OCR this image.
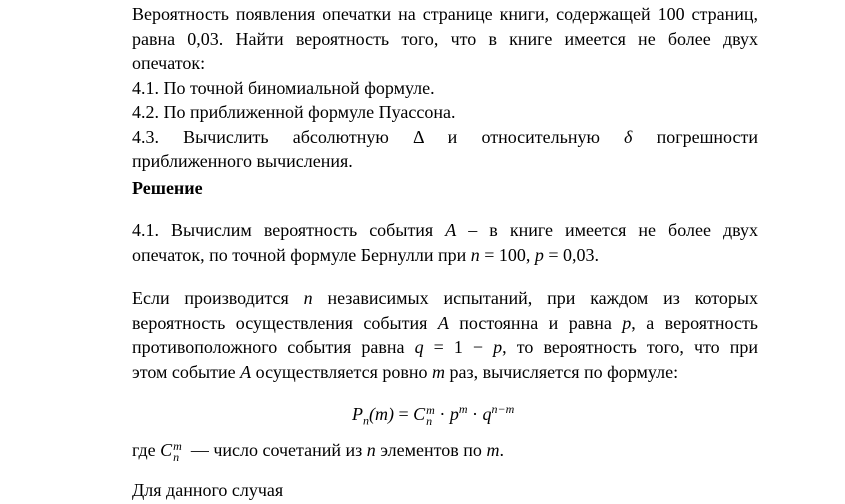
Вероятность появления опечатки на странице книги, содержащей 100 страниц,
равна 0,03. Найти вероятность того, что в книге имеется не более двух
опечаток:
4.1. По точной биномиальной формуле.
4.2. По приближенной формуле Пуассона.
4.3. Вычислить абсолютную Δ и относительную δ погрешности
приближенного вычисления.
Решение
4.1. Вычислим вероятность события A – в книге имеется не более двух
опечаток, по точной формуле Бернулли при n = 100, p = 0,03.
Если производится n независимых испытаний, при каждом из которых
вероятность осуществления события A постоянна и равна p, а вероятность
противоположного события равна q = 1 − p, то вероятность того, что при
этом событие A осуществляется ровно m раз, вычисляется по формуле:
$P_n(m) = C$ m
$n \cdot p^m \cdot q^{n-m}$
где C m
n — число сочетаний из n элементов по m.
Для данного случая
